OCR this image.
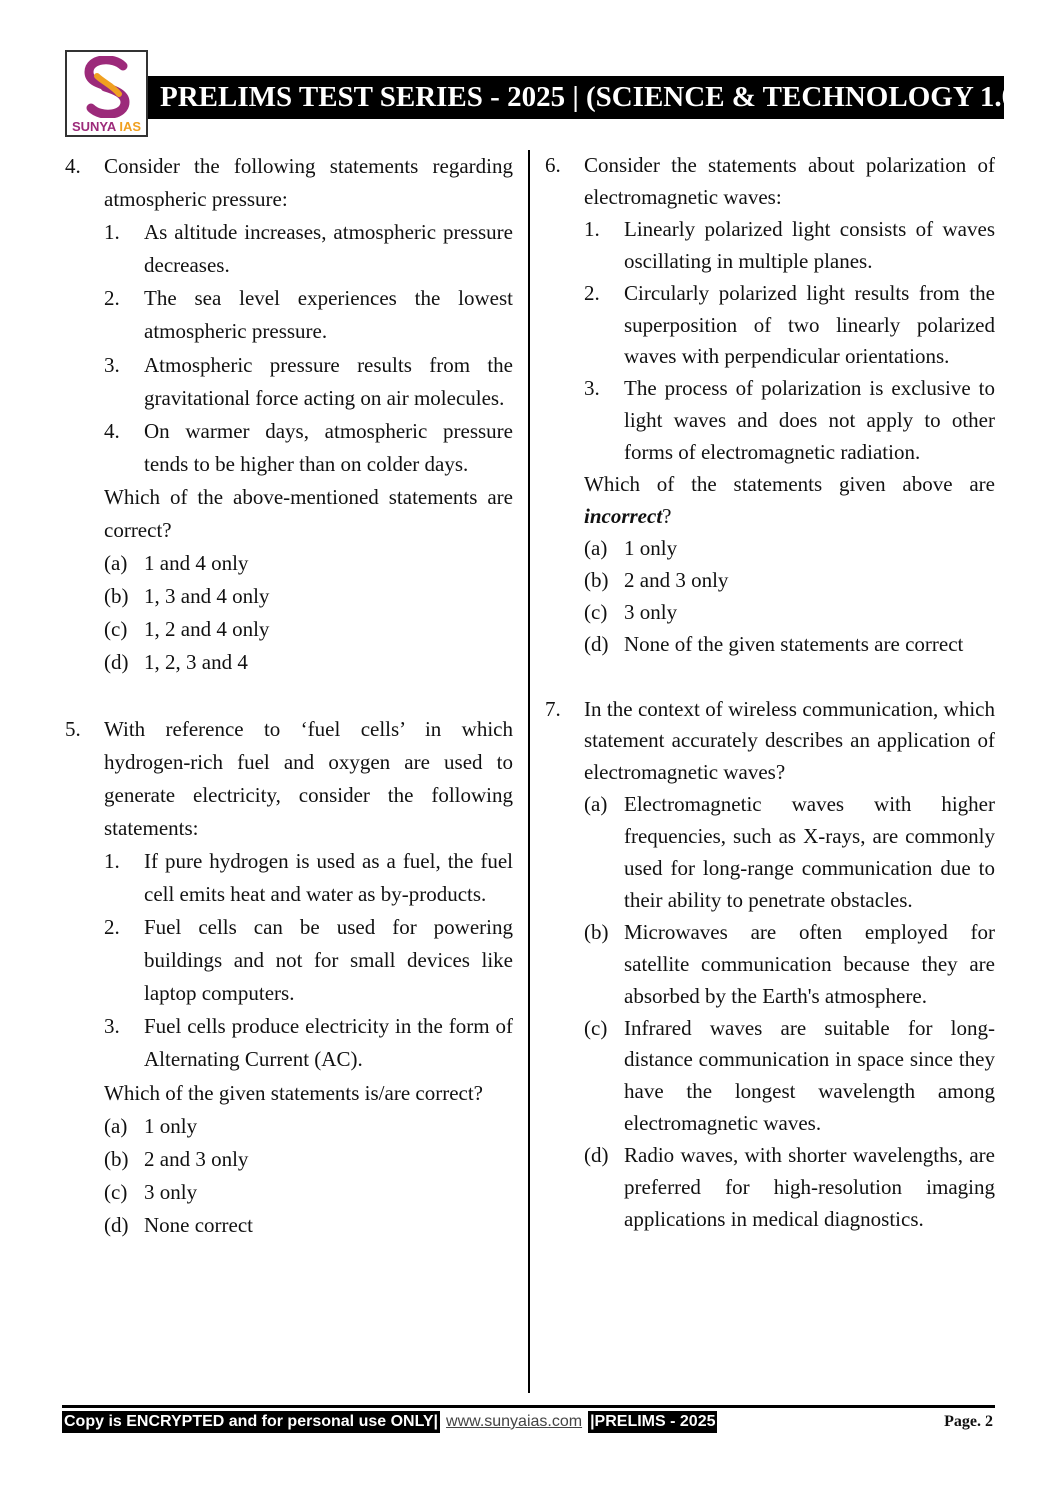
SUNYA IAS
PRELIMS TEST SERIES - 2025 | (SCIENCE & TECHNOLOGY 1.0)
4.	Consider the following statements regarding atmospheric pressure:
1.	As altitude increases, atmospheric pressure decreases.
2.	The sea level experiences the lowest atmospheric pressure.
3.	Atmospheric pressure results from the gravitational force acting on air molecules.
4.	On warmer days, atmospheric pressure tends to be higher than on colder days.
Which of the above-mentioned statements are correct?
(a) 1 and 4 only
(b) 1, 3 and 4 only
(c) 1, 2 and 4 only
(d) 1, 2, 3 and 4
5.	With reference to ‘fuel cells’ in which hydrogen-rich fuel and oxygen are used to generate electricity, consider the following statements:
1.	If pure hydrogen is used as a fuel, the fuel cell emits heat and water as by-products.
2.	Fuel cells can be used for powering buildings and not for small devices like laptop computers.
3.	Fuel cells produce electricity in the form of Alternating Current (AC).
Which of the given statements is/are correct?
(a) 1 only
(b) 2 and 3 only
(c) 3 only
(d) None correct
6.	Consider the statements about polarization of electromagnetic waves:
1.	Linearly polarized light consists of waves oscillating in multiple planes.
2.	Circularly polarized light results from the superposition of two linearly polarized waves with perpendicular orientations.
3.	The process of polarization is exclusive to light waves and does not apply to other forms of electromagnetic radiation.
Which of the statements given above are incorrect?
(a) 1 only
(b) 2 and 3 only
(c) 3 only
(d) None of the given statements are correct
7.	In the context of wireless communication, which statement accurately describes an application of electromagnetic waves?
(a) Electromagnetic waves with higher frequencies, such as X-rays, are commonly used for long-range communication due to their ability to penetrate obstacles.
(b) Microwaves are often employed for satellite communication because they are absorbed by the Earth's atmosphere.
(c) Infrared waves are suitable for long-distance communication in space since they have the longest wavelength among electromagnetic waves.
(d) Radio waves, with shorter wavelengths, are preferred for high-resolution imaging applications in medical diagnostics.
Copy is ENCRYPTED and for personal use ONLY| www.sunyaias.com |PRELIMS - 2025	Page. 2
